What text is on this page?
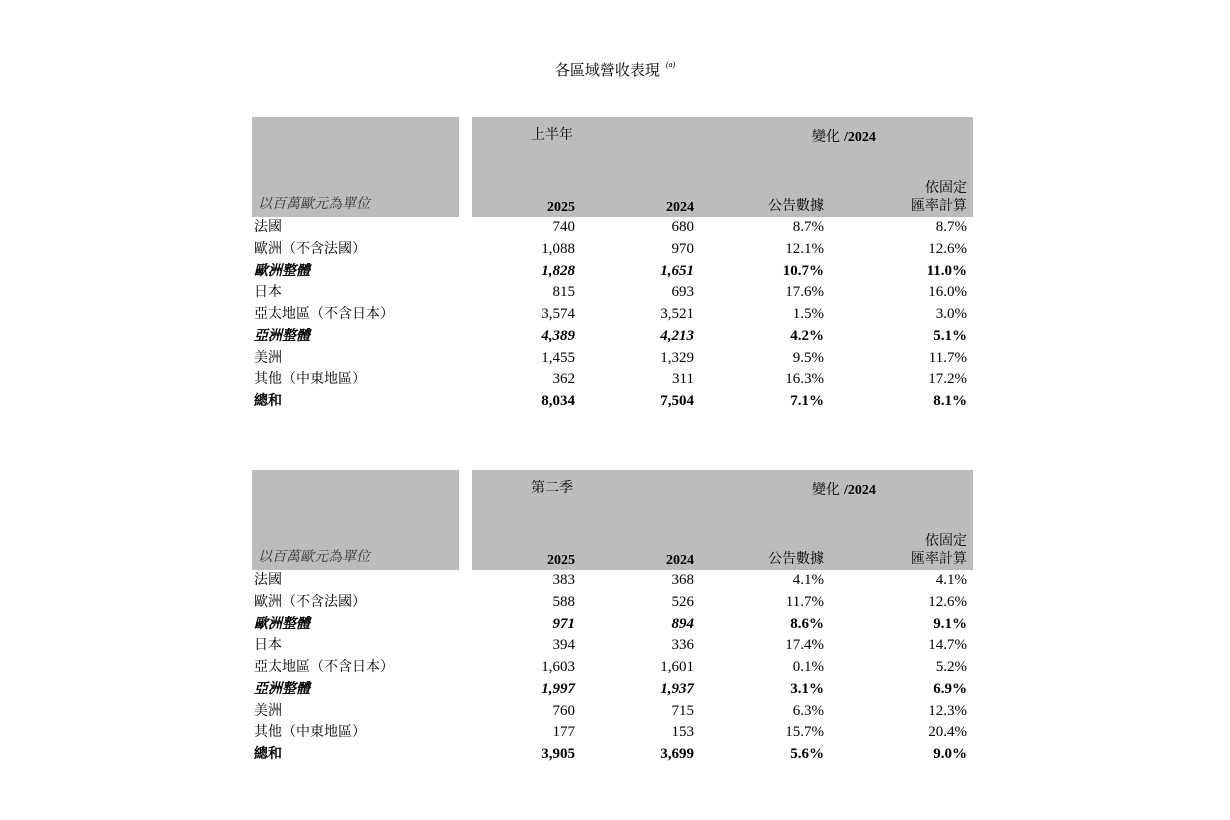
各區域營收表現 $^{(a)}$
以百萬歐元為單位
上半年	變化 /2024
2025	2024	公告數據
依固定
匯率計算
法國	740	680	8.7%	8.7%
歐洲（不含法國）	1,088	970	12.1%	12.6%
歐洲整體	1,828	1,651	10.7%	11.0%
日本	815	693	17.6%	16.0%
亞太地區（不含日本）	3,574	3,521	1.5%	3.0%
亞洲整體	4,389	4,213	4.2%	5.1%
美洲	1,455	1,329	9.5%	11.7%
其他（中東地區）	362	311	16.3%	17.2%
總和	8,034	7,504	7.1%	8.1%
以百萬歐元為單位
第二季	變化 /2024
2025	2024	公告數據
依固定
匯率計算
法國	383	368	4.1%	4.1%
歐洲（不含法國）	588	526	11.7%	12.6%
歐洲整體	971	894	8.6%	9.1%
日本	394	336	17.4%	14.7%
亞太地區（不含日本）	1,603	1,601	0.1%	5.2%
亞洲整體	1,997	1,937	3.1%	6.9%
美洲	760	715	6.3%	12.3%
其他（中東地區）	177	153	15.7%	20.4%
總和	3,905	3,699	5.6%	9.0%
